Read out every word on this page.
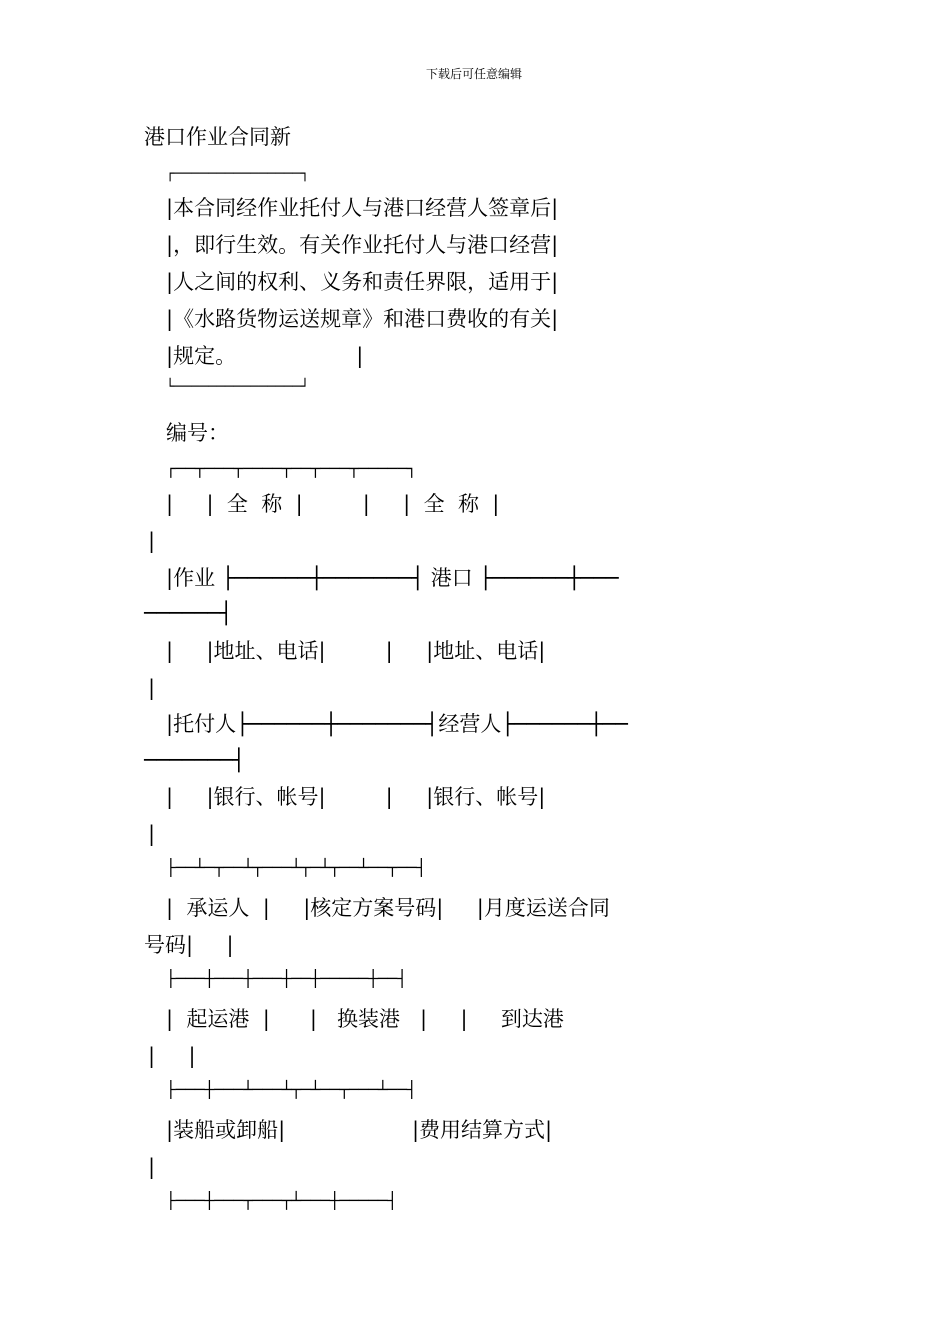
下载后可任意编辑
港口作业合同新
┌───────────────┐
|本合同经作业托付人与港口经营人签章后|
|，即行生效。有关作业托付人与港口经营|
|人之间的权利、义务和责任界限，适用于|
|《水路货物运送规章》和港口费收的有关|
|规定。                  |
└───────────────┘
编号：
┌──┬───┬────┬──┬───┬─────┐
|     |  全  称  |         |     |  全  称  |
|
|作业 ├──────┼───────┤ 港口 ├──────┼───
──────┤
|     |地址、电话|         |     |地址、电话|
|
|托付人├──────┼───────┤经营人├──────┼──
───────┤
|     |银行、帐号|         |     |银行、帐号|
|
├──┴─┬──┴┬───┴┬─┴┬──┴──┬──┤
|  承运人  |     |核定方案号码|     |月度运送合同
号码|     |
├───┼───┼───┼──┼─────┼──┤
|  起运港  |      |   换装港   |     |     到达港
|     |
├───┼───┴───┴┬─┴──┬───┴──┤
|装船或卸船|                   |费用结算方式|
|
├───┼───┬───┬┴───┼─────┤
